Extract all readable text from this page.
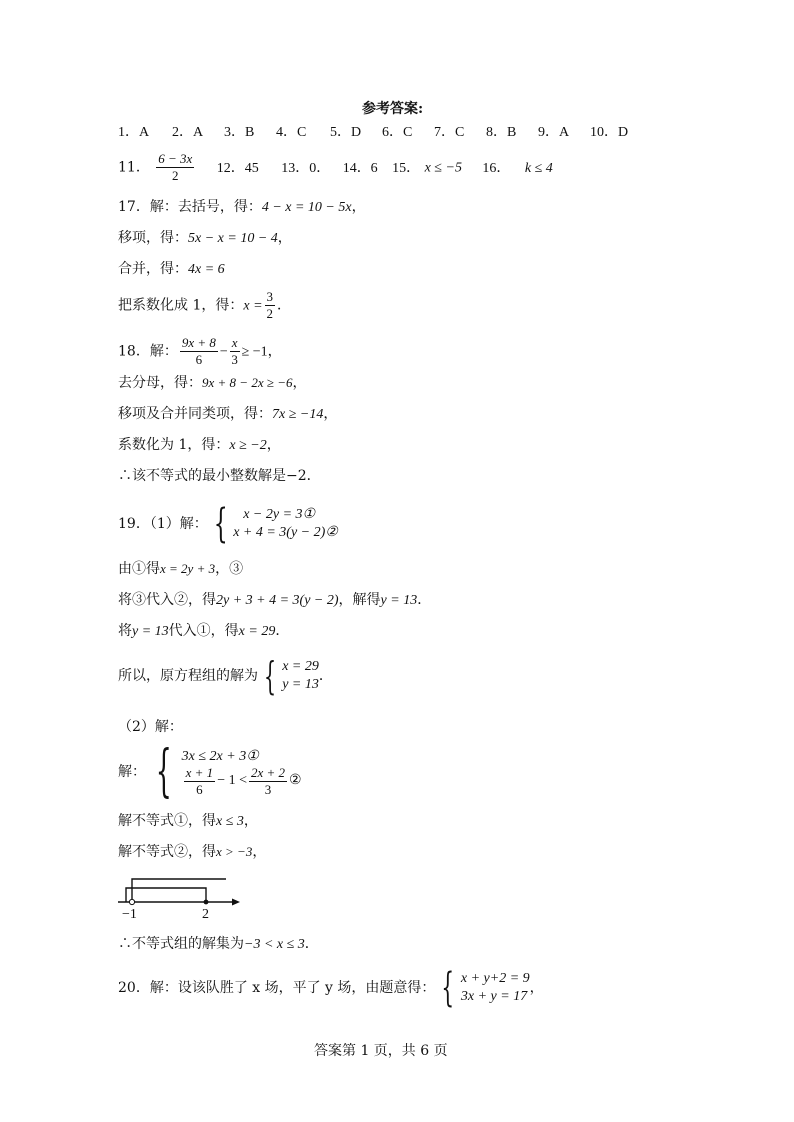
参考答案:
1．A 2．A 3．B 4．C 5．D 6．C 7．C 8．B 9．A 10．D
11． $\frac{6 - 3x}{2} 12$．45 13．0． 14．6 15． x ≤ −5 16． k ≤ 4
17．解：去括号，得：4 − x = 10 − 5x，
移项，得：5x − x = 10 − 4，
合并，得：4x = 6
把系数化成 1，得：$x = \frac{3}{2}$ ．
18．解： $\frac{9x + 8}{6} - \frac{x}{3} \ge -1$，
去分母，得：9x + 8 − 2x ≥ −6，
移项及合并同类项，得：7x ≥ −14，
系数化为 1，得：x ≥ −2，
∴该不等式的最小整数解是−2．
19．（1）解： {	x − 2y = 3①
x + 4 = 3(y − 2)②
由①得x = 2y + 3，③
将③代入②，得2y + 3 + 4 = 3(y − 2)，解得y = 13．
将y = 13代入①，得x = 29．
所以，原方程组的解为 { x = 29
y = 13
．
（2）解：
解： { 3x ≤ 2x + 3①
$\frac{x + 1}{6} - 1 < \frac{2x + 2}{3}$ ②
解不等式①，得x ≤ 3，
解不等式②，得x > −3，
−1	2
∴不等式组的解集为−3 < x ≤ 3．
20．解：设该队胜了 x 场，平了 y 场，由题意得： { x + y+2 = 9
3x + y = 17
，
答案第 1 页，共 6 页
